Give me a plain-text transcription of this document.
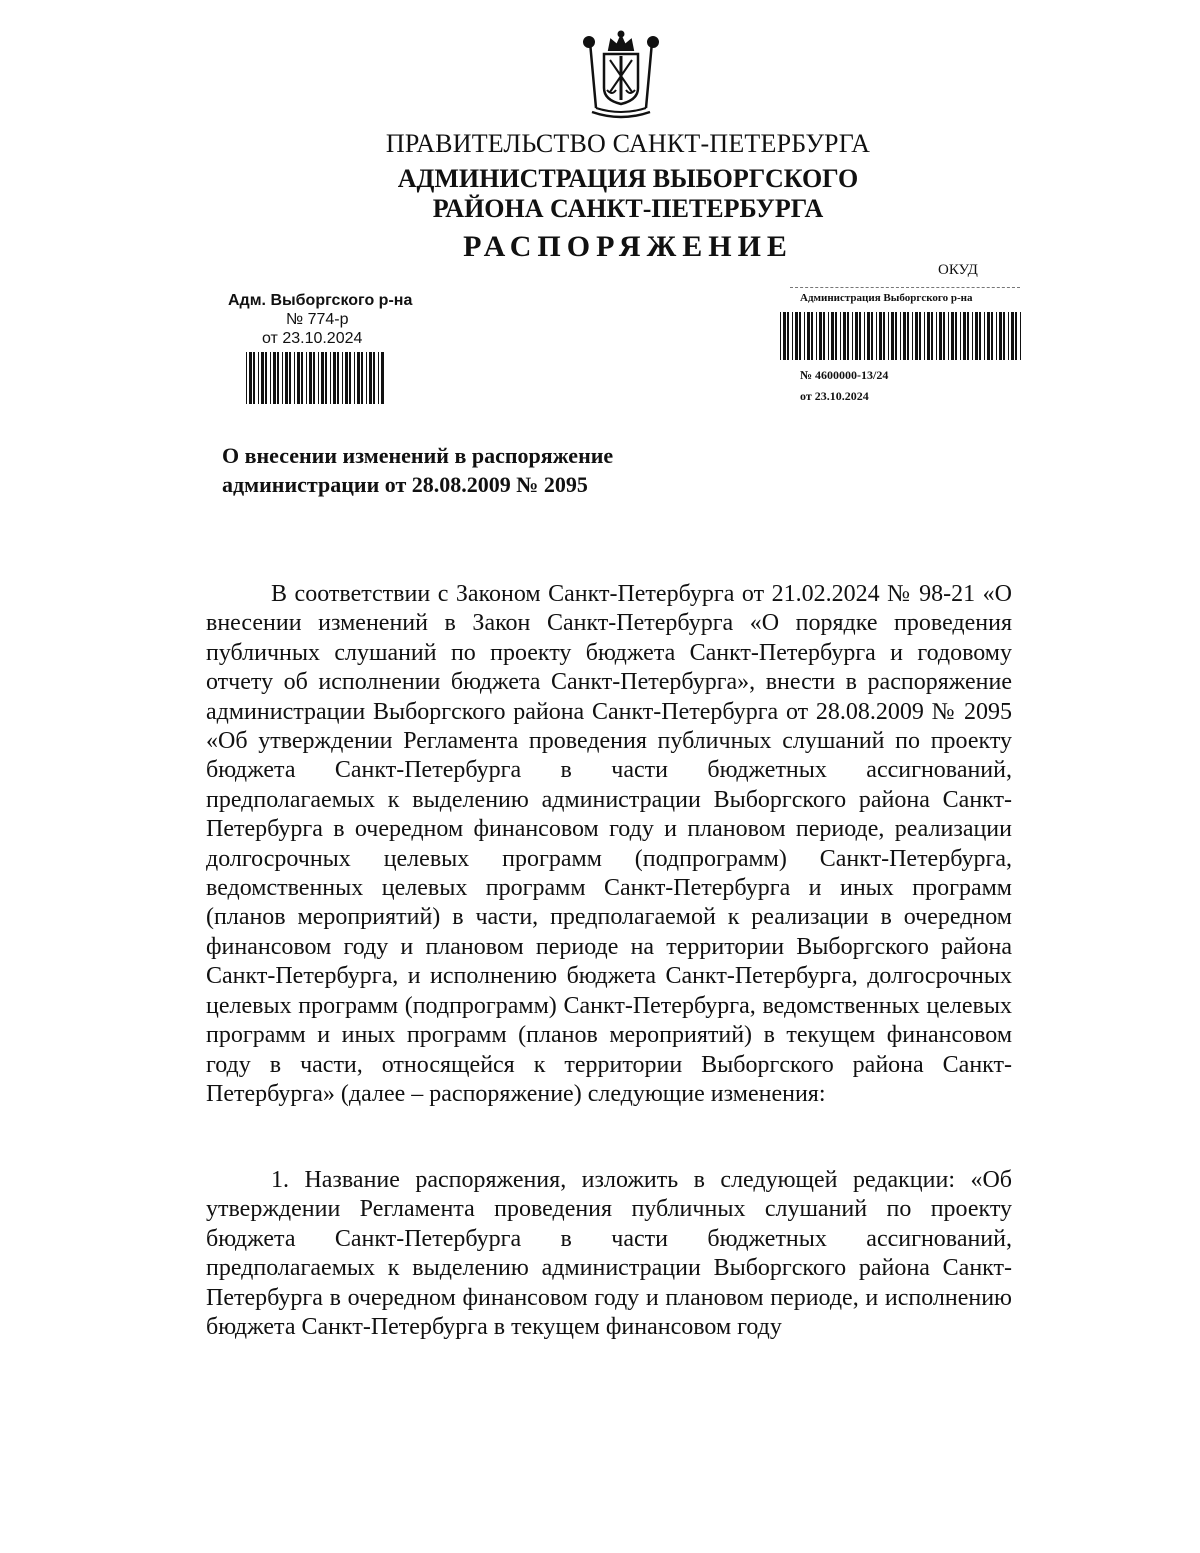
ПРАВИТЕЛЬСТВО САНКТ-ПЕТЕРБУРГА
АДМИНИСТРАЦИЯ ВЫБОРГСКОГО
РАЙОНА САНКТ-ПЕТЕРБУРГА
РАСПОРЯЖЕНИЕ
ОКУД
Адм. Выборгского р-на
№ 774-р
от 23.10.2024
Администрация Выборгского р-на
№ 4600000-13/24
от 23.10.2024
О внесении изменений в распоряжение
администрации от 28.08.2009 № 2095
В соответствии с Законом Санкт-Петербурга от 21.02.2024 № 98-21 «О внесении изменений в Закон Санкт-Петербурга «О порядке проведения публичных слушаний по проекту бюджета Санкт-Петербурга и годовому отчету об исполнении бюджета Санкт-Петербурга», внести в распоряжение администрации Выборгского района Санкт-Петербурга от 28.08.2009 № 2095 «Об утверждении Регламента проведения публичных слушаний по проекту бюджета Санкт-Петербурга в части бюджетных ассигнований, предполагаемых к выделению администрации Выборгского района Санкт-Петербурга в очередном финансовом году и плановом периоде, реализации долгосрочных целевых программ (подпрограмм) Санкт-Петербурга, ведомственных целевых программ Санкт-Петербурга и иных программ (планов мероприятий) в части, предполагаемой к реализации в очередном финансовом году и плановом периоде на территории Выборгского района Санкт-Петербурга, и исполнению бюджета Санкт-Петербурга, долгосрочных целевых программ (подпрограмм) Санкт-Петербурга, ведомственных целевых программ и иных программ (планов мероприятий) в текущем финансовом году в части, относящейся к территории Выборгского района Санкт-Петербурга» (далее – распоряжение) следующие изменения:
1. Название распоряжения, изложить в следующей редакции: «Об утверждении Регламента проведения публичных слушаний по проекту бюджета Санкт-Петербурга в части бюджетных ассигнований, предполагаемых к выделению администрации Выборгского района Санкт-Петербурга в очередном финансовом году и плановом периоде, и исполнению бюджета Санкт-Петербурга в текущем финансовом году
